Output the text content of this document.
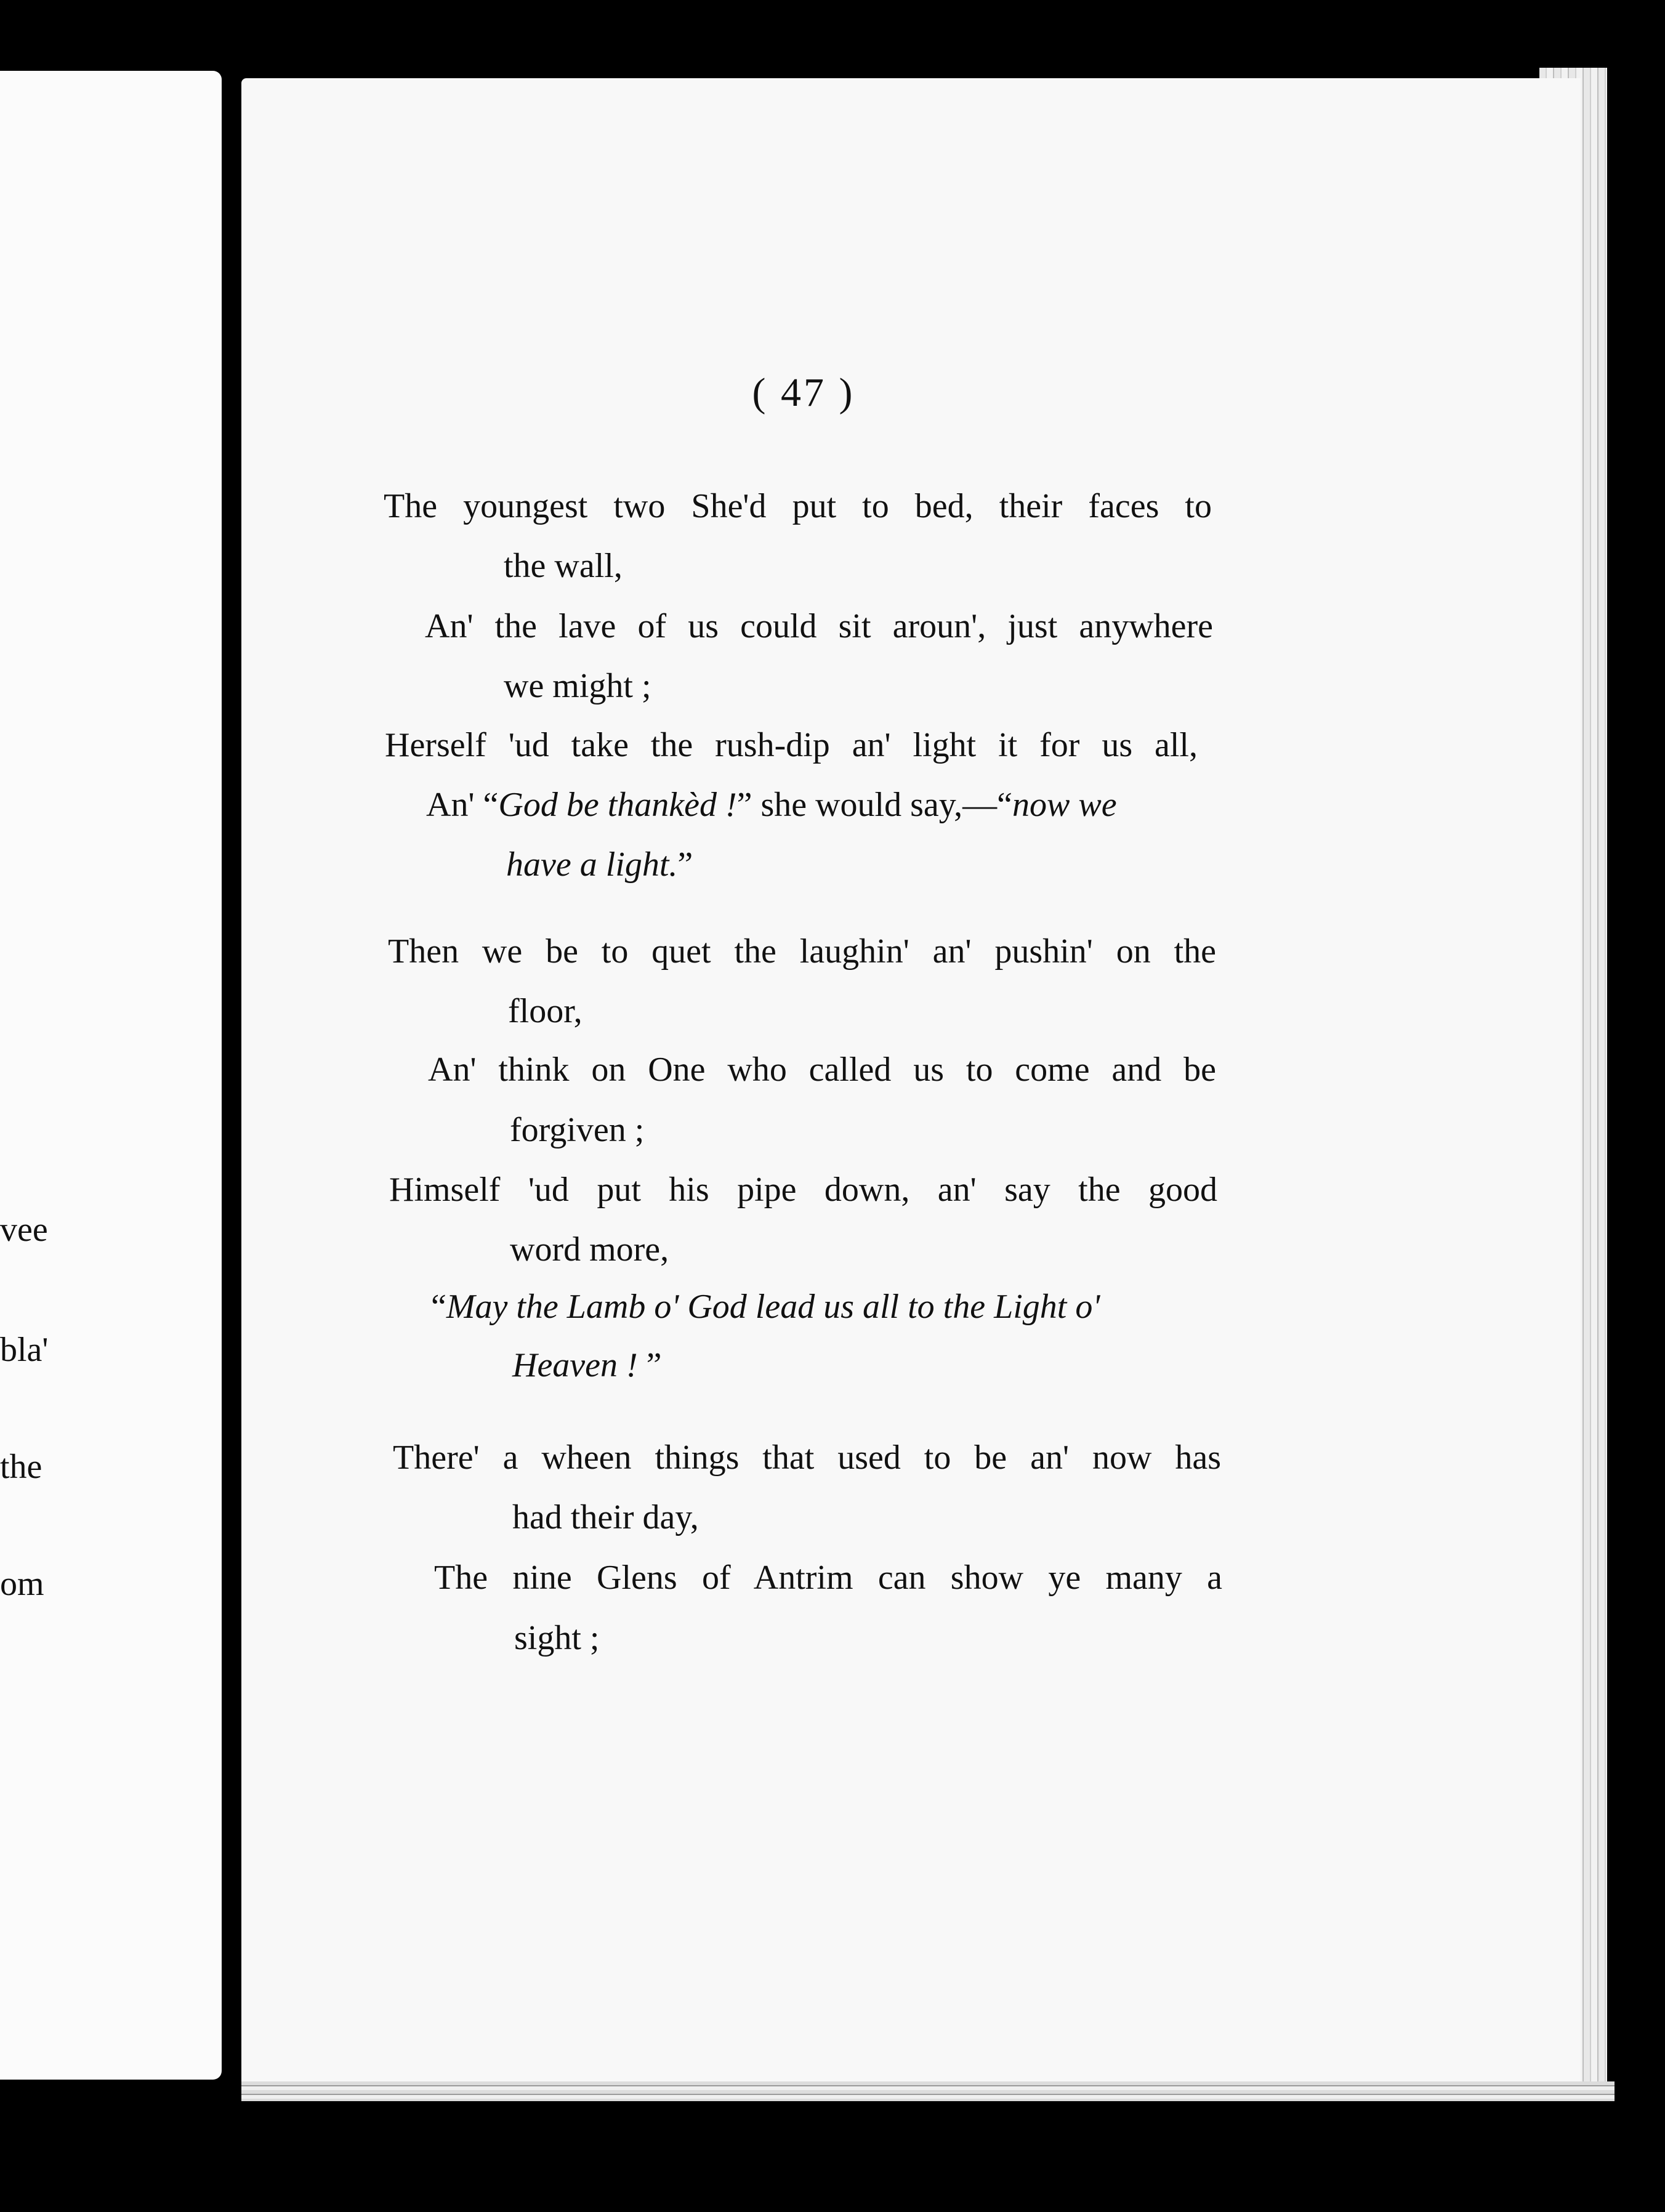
vee
bla'
the
om
( 47 )
The youngest two She'd put to bed, their faces to
the wall,
An' the lave of us could sit aroun', just anywhere
we might ;
Herself 'ud take the rush-dip an' light it for us all,
An' “God be thankèd !” she would say,—“now we
have a light.”
Then we be to quet the laughin' an' pushin' on the
floor,
An' think on One who called us to come and be
forgiven ;
Himself 'ud put his pipe down, an' say the good
word more,
“May the Lamb o' God lead us all to the Light o'
Heaven ! ”
There' a wheen things that used to be an' now has
had their day,
The nine Glens of Antrim can show ye many a
sight ;
